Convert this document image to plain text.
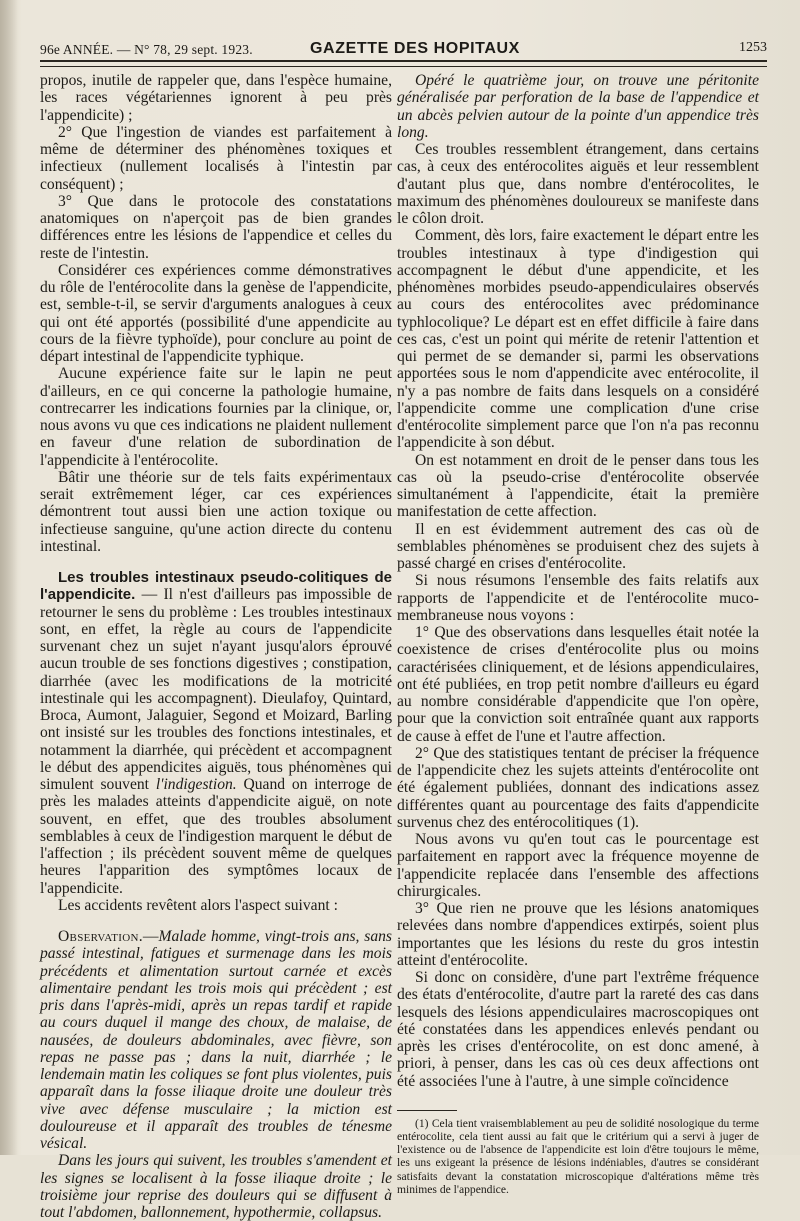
96e ANNÉE. — N° 78, 29 sept. 1923.	GAZETTE DES HOPITAUX	1253

propos, inutile de rappeler que, dans l'espèce humaine, les races végétariennes ignorent à peu près l'appendicite) ;

2° Que l'ingestion de viandes est parfaitement à même de déterminer des phénomènes toxiques et infectieux (nullement localisés à l'intestin par conséquent) ;

3° Que dans le protocole des constatations anatomiques on n'aperçoit pas de bien grandes différences entre les lésions de l'appendice et celles du reste de l'intestin.

Considérer ces expériences comme démonstratives du rôle de l'entérocolite dans la genèse de l'appendicite, est, semble-t-il, se servir d'arguments analogues à ceux qui ont été apportés (possibilité d'une appendicite au cours de la fièvre typhoïde), pour conclure au point de départ intestinal de l'appendicite typhique.

Aucune expérience faite sur le lapin ne peut d'ailleurs, en ce qui concerne la pathologie humaine, contrecarrer les indications fournies par la clinique, or, nous avons vu que ces indications ne plaident nullement en faveur d'une relation de subordination de l'appendicite à l'entérocolite.

Bâtir une théorie sur de tels faits expérimentaux serait extrêmement léger, car ces expériences démontrent tout aussi bien une action toxique ou infectieuse sanguine, qu'une action directe du contenu intestinal.

Les troubles intestinaux pseudo-colitiques de l'appendicite. — Il n'est d'ailleurs pas impossible de retourner le sens du problème : Les troubles intestinaux sont, en effet, la règle au cours de l'appendicite survenant chez un sujet n'ayant jusqu'alors éprouvé aucun trouble de ses fonctions digestives ; constipation, diarrhée (avec les modifications de la motricité intestinale qui les accompagnent). Dieulafoy, Quintard, Broca, Aumont, Jalaguier, Segond et Moizard, Barling ont insisté sur les troubles des fonctions intestinales, et notamment la diarrhée, qui précèdent et accompagnent le début des appendicites aiguës, tous phénomènes qui simulent souvent l'indigestion. Quand on interroge de près les malades atteints d'appendicite aiguë, on note souvent, en effet, que des troubles absolument semblables à ceux de l'indigestion marquent le début de l'affection ; ils précèdent souvent même de quelques heures l'apparition des symptômes locaux de l'appendicite.

Les accidents revêtent alors l'aspect suivant :

Observation.—Malade homme, vingt-trois ans, sans passé intestinal, fatigues et surmenage dans les mois précédents et alimentation surtout carnée et excès alimentaire pendant les trois mois qui précèdent ; est pris dans l'après-midi, après un repas tardif et rapide au cours duquel il mange des choux, de malaise, de nausées, de douleurs abdominales, avec fièvre, son repas ne passe pas ; dans la nuit, diarrhée ; le lendemain matin les coliques se font plus violentes, puis apparaît dans la fosse iliaque droite une douleur très vive avec défense musculaire ; la miction est douloureuse et il apparaît des troubles de ténesme vésical.

Dans les jours qui suivent, les troubles s'amendent et les signes se localisent à la fosse iliaque droite ; le troisième jour reprise des douleurs qui se diffusent à tout l'abdomen, ballonnement, hypothermie, collapsus.

Opéré le quatrième jour, on trouve une péritonite généralisée par perforation de la base de l'appendice et un abcès pelvien autour de la pointe d'un appendice très long.

Ces troubles ressemblent étrangement, dans certains cas, à ceux des entérocolites aiguës et leur ressemblent d'autant plus que, dans nombre d'entérocolites, le maximum des phénomènes douloureux se manifeste dans le côlon droit.

Comment, dès lors, faire exactement le départ entre les troubles intestinaux à type d'indigestion qui accompagnent le début d'une appendicite, et les phénomènes morbides pseudo-appendiculaires observés au cours des entérocolites avec prédominance typhlocolique? Le départ est en effet difficile à faire dans ces cas, c'est un point qui mérite de retenir l'attention et qui permet de se demander si, parmi les observations apportées sous le nom d'appendicite avec entérocolite, il n'y a pas nombre de faits dans lesquels on a considéré l'appendicite comme une complication d'une crise d'entérocolite simplement parce que l'on n'a pas reconnu l'appendicite à son début.

On est notamment en droit de le penser dans tous les cas où la pseudo-crise d'entérocolite observée simultanément à l'appendicite, était la première manifestation de cette affection.

Il en est évidemment autrement des cas où de semblables phénomènes se produisent chez des sujets à passé chargé en crises d'entérocolite.

Si nous résumons l'ensemble des faits relatifs aux rapports de l'appendicite et de l'entérocolite muco-membraneuse nous voyons :

1° Que des observations dans lesquelles était notée la coexistence de crises d'entérocolite plus ou moins caractérisées cliniquement, et de lésions appendiculaires, ont été publiées, en trop petit nombre d'ailleurs eu égard au nombre considérable d'appendicite que l'on opère, pour que la conviction soit entraînée quant aux rapports de cause à effet de l'une et l'autre affection.

2° Que des statistiques tentant de préciser la fréquence de l'appendicite chez les sujets atteints d'entérocolite ont été également publiées, donnant des indications assez différentes quant au pourcentage des faits d'appendicite survenus chez des entérocolitiques (1).

Nous avons vu qu'en tout cas le pourcentage est parfaitement en rapport avec la fréquence moyenne de l'appendicite replacée dans l'ensemble des affections chirurgicales.

3° Que rien ne prouve que les lésions anatomiques relevées dans nombre d'appendices extirpés, soient plus importantes que les lésions du reste du gros intestin atteint d'entérocolite.

Si donc on considère, d'une part l'extrême fréquence des états d'entérocolite, d'autre part la rareté des cas dans lesquels des lésions appendiculaires macroscopiques ont été constatées dans les appendices enlevés pendant ou après les crises d'entérocolite, on est donc amené, à priori, à penser, dans les cas où ces deux affections ont été associées l'une à l'autre, à une simple coïncidence

(1) Cela tient vraisemblablement au peu de solidité nosologique du terme entérocolite, cela tient aussi au fait que le critérium qui a servi à juger de l'existence ou de l'absence de l'appendicite est loin d'être toujours le même, les uns exigeant la présence de lésions indéniables, d'autres se considérant satisfaits devant la constatation microscopique d'altérations même très minimes de l'appendice.
